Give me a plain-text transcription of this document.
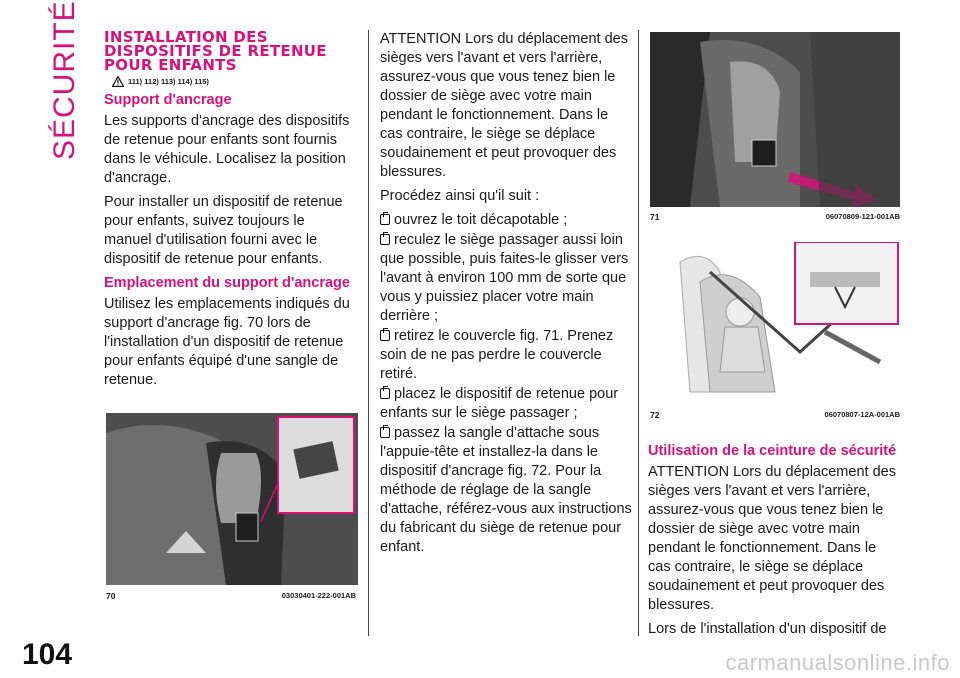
SÉCURITÉ
104	carmanualsonline.info
INSTALLATION DES DISPOSITIFS DE RETENUE POUR ENFANTS
111) 112) 113) 114) 115)
Support d'ancrage

Les supports d'ancrage des dispositifs de retenue pour enfants sont fournis dans le véhicule. Localisez la position d'ancrage.

Pour installer un dispositif de retenue pour enfants, suivez toujours le manuel d'utilisation fourni avec le dispositif de retenue pour enfants.

Emplacement du support d'ancrage

Utilisez les emplacements indiqués du support d'ancrage fig. 70 lors de l'installation d'un dispositif de retenue pour enfants équipé d'une sangle de retenue.

70	03030401-222-001AB

ATTENTION Lors du déplacement des sièges vers l'avant et vers l'arrière, assurez-vous que vous tenez bien le dossier de siège avec votre main pendant le fonctionnement. Dans le cas contraire, le siège se déplace soudainement et peut provoquer des blessures.

Procédez ainsi qu'il suit :

ouvrez le toit décapotable ;
reculez le siège passager aussi loin que possible, puis faites-le glisser vers l'avant à environ 100 mm de sorte que vous y puissiez placer votre main derrière ;
retirez le couvercle fig. 71. Prenez soin de ne pas perdre le couvercle retiré.
placez le dispositif de retenue pour enfants sur le siège passager ;
passez la sangle d'attache sous l'appuie-tête et installez-la dans le dispositif d'ancrage fig. 72. Pour la méthode de réglage de la sangle d'attache, référez-vous aux instructions du fabricant du siège de retenue pour enfant.
71	06070809-121-001AB
72	06070807-12A-001AB
Utilisation de la ceinture de sécurité

ATTENTION Lors du déplacement des sièges vers l'avant et vers l'arrière, assurez-vous que vous tenez bien le dossier de siège avec votre main pendant le fonctionnement. Dans le cas contraire, le siège se déplace soudainement et peut provoquer des blessures.

Lors de l'installation d'un dispositif de
